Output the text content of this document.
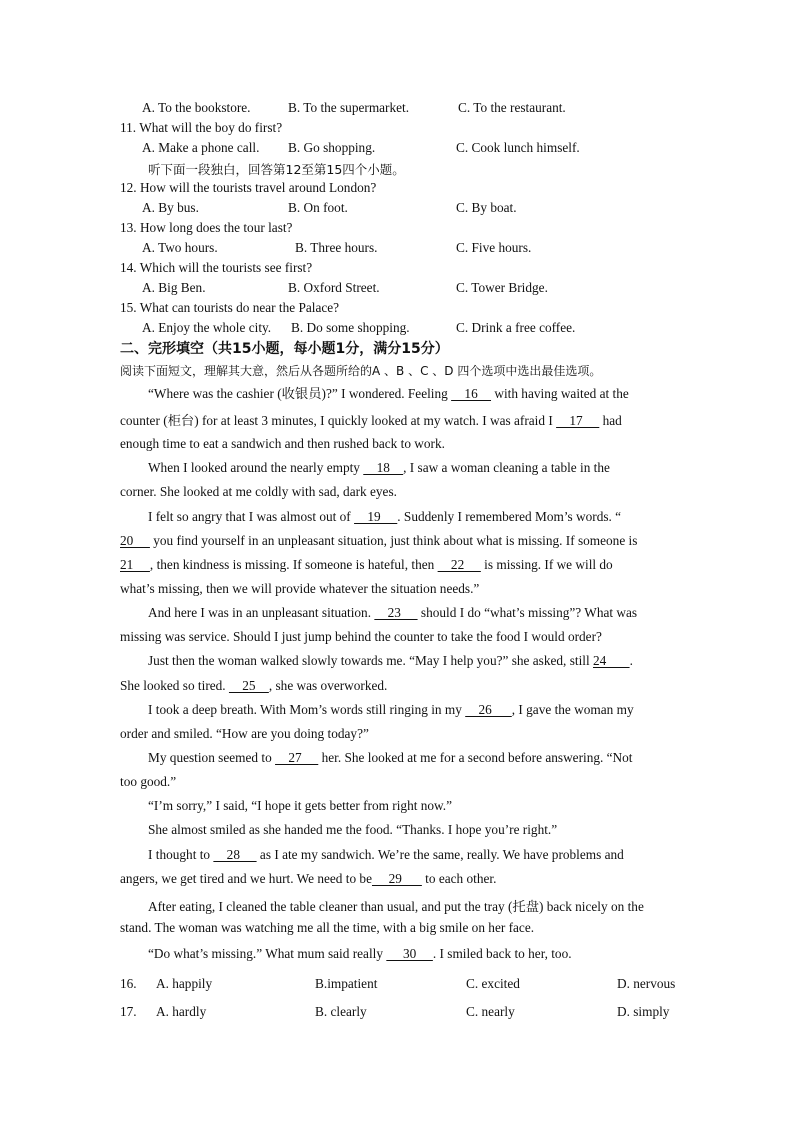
A. To the bookstore.	B. To the supermarket.	C. To the restaurant.
11. What will the boy do first?
A. Make a phone call. B. Go shopping.	C. Cook lunch himself.
听下面一段独白，回答第12至第15四个小题。
12. How will the tourists travel around London?
A. By bus.	B. On foot.	C. By boat.
13. How long does the tour last?
A. Two hours.	B. Three hours.	C. Five hours.
14. Which will the tourists see first?
A. Big Ben.	B. Oxford Street.	C. Tower Bridge.
15. What can tourists do near the Palace?
A. Enjoy the whole city. B. Do some shopping.	C. Drink a free coffee.
二、完形填空（共15小题，每小题1分，满分15分）
阅读下面短文，理解其大意，然后从各题所给的A 、B 、C 、D 四个选项中选出最佳选项。
“Where was the cashier (收银员)?” I wondered. Feeling     16     with having waited at the
counter (柜台) for at least 3 minutes, I quickly looked at my watch. I was afraid I     17      had
enough time to eat a sandwich and then rushed back to work.
When I looked around the nearly empty     18    , I saw a woman cleaning a table in the
corner. She looked at me coldly with sad, dark eyes.
I felt so angry that I was almost out of     19     . Suddenly I remembered Mom’s words. “
20      you find yourself in an unpleasant situation, just think about what is missing. If someone is
21     , then kindness is missing. If someone is hateful, then     22      is missing. If we will do
what’s missing, then we will provide whatever the situation needs.”
And here I was in an unpleasant situation.     23      should I do “what’s missing”? What was
missing was service. Should I just jump behind the counter to take the food I would order?
Just then the woman walked slowly towards me. “May I help you?” she asked, still 24       .
She looked so tired.     25    , she was overworked.
I took a deep breath. With Mom’s words still ringing in my     26      , I gave the woman my
order and smiled. “How are you doing today?”
My question seemed to     27      her. She looked at me for a second before answering. “Not
too good.”
“I’m sorry,” I said, “I hope it gets better from right now.”
She almost smiled as she handed me the food. “Thanks. I hope you’re right.”
I thought to     28      as I ate my sandwich. We’re the same, really. We have problems and
angers, we get tired and we hurt. We need to be     29       to each other.
After eating, I cleaned the table cleaner than usual, and put the tray (托盘) back nicely on the
stand. The woman was watching me all the time, with a big smile on her face.
“Do what’s missing.” What mum said really      30     . I smiled back to her, too.
16. A. happily	B.impatient	C. excited	D. nervous
17. A. hardly	B. clearly	C. nearly	D. simply
